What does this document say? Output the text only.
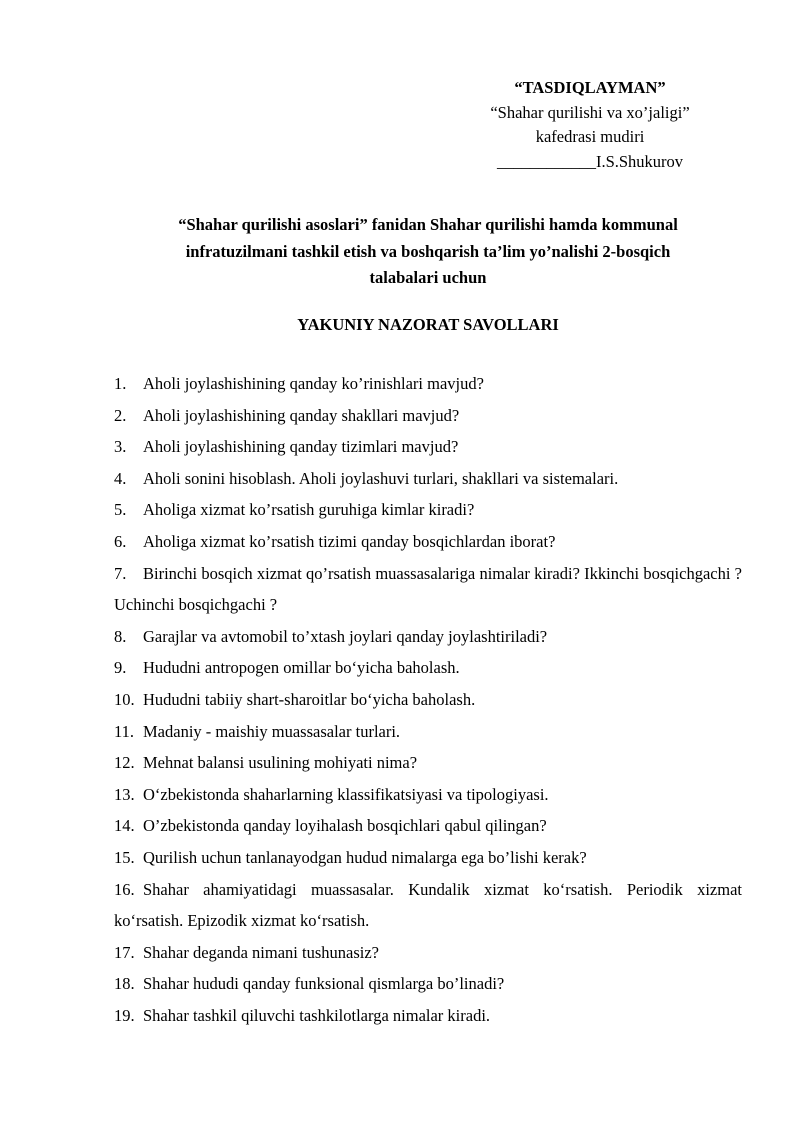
“TASDIQLAYMAN”
“Shahar qurilishi va xo’jaligi”
kafedrasi mudiri
____________I.S.Shukurov
“Shahar qurilishi asoslari” fanidan Shahar qurilishi hamda kommunal
infratuzilmani tashkil etish va boshqarish ta’lim yo’nalishi 2-bosqich
talabalari uchun
YAKUNIY NAZORAT SAVOLLARI
1. Aholi joylashishining qanday ko’rinishlari mavjud?
2. Aholi joylashishining qanday shakllari mavjud?
3. Aholi joylashishining qanday tizimlari mavjud?
4. Aholi sonini hisoblash. Aholi joylashuvi turlari, shakllari va sistemalari.
5. Aholiga xizmat ko’rsatish guruhiga kimlar kiradi?
6. Aholiga xizmat ko’rsatish tizimi qanday bosqichlardan iborat?
7. Birinchi bosqich xizmat qo’rsatish muassasalariga nimalar kiradi? Ikkinchi bosqichgachi ? Uchinchi bosqichgachi ?
8. Garajlar va avtomobil to’xtash joylari qanday joylashtiriladi?
9. Hududni antropogen omillar bo‘yicha baholash.
10. Hududni tabiiy shart-sharoitlar bo‘yicha baholash.
11. Madaniy - maishiy muassasalar turlari.
12. Mehnat balansi usulining mohiyati nima?
13. O‘zbekistonda shaharlarning klassifikatsiyasi va tipologiyasi.
14. O’zbekistonda qanday loyihalash bosqichlari qabul qilingan?
15. Qurilish uchun tanlanayodgan hudud nimalarga ega bo’lishi kerak?
16. Shahar ahamiyatidagi muassasalar. Kundalik xizmat ko‘rsatish. Periodik xizmat ko‘rsatish. Epizodik xizmat ko‘rsatish.
17. Shahar deganda nimani tushunasiz?
18. Shahar hududi qanday funksional qismlarga bo’linadi?
19. Shahar tashkil qiluvchi tashkilotlarga nimalar kiradi.
